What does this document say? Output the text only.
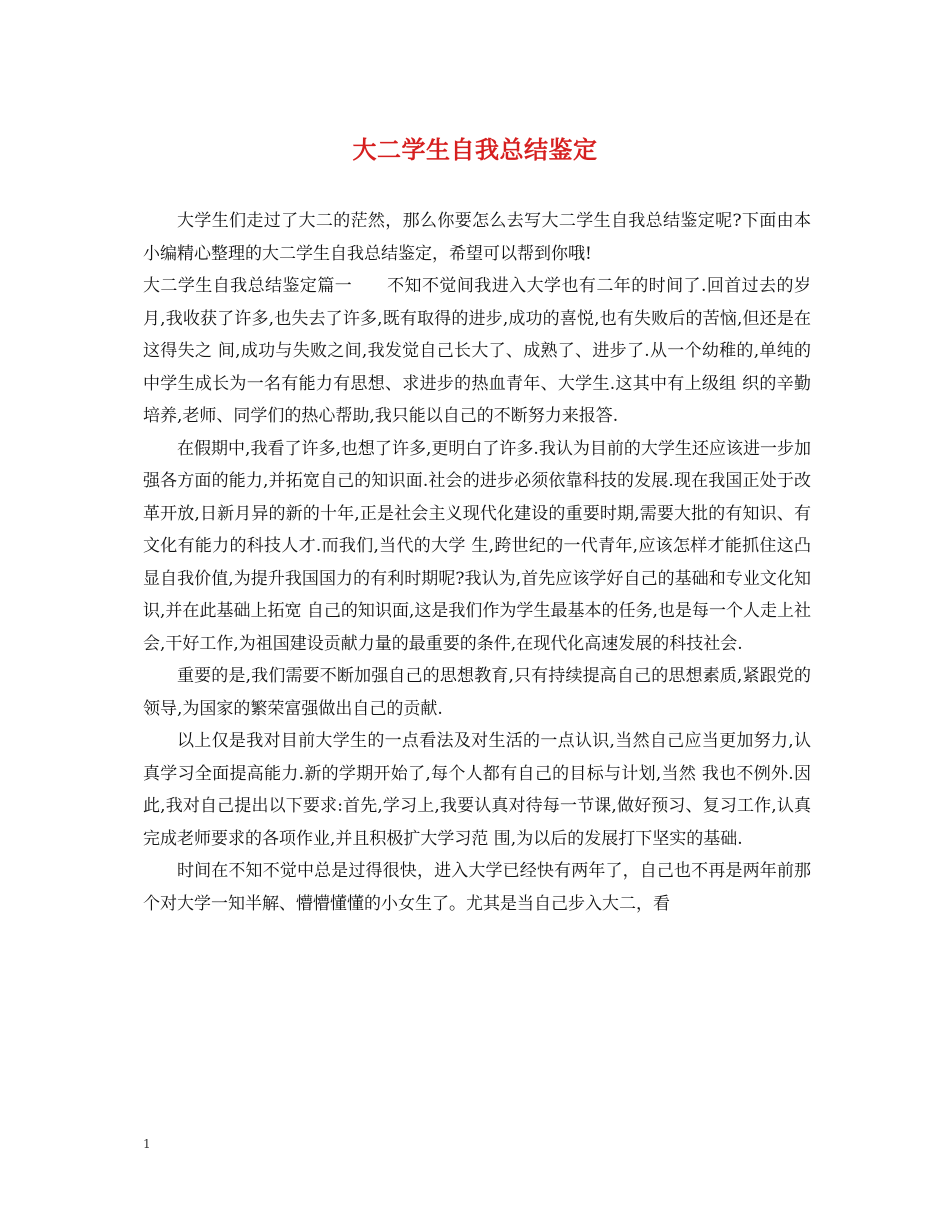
大二学生自我总结鉴定

大学生们走过了大二的茫然，那么你要怎么去写大二学生自我总结鉴定呢?下面由本小编精心整理的大二学生自我总结鉴定，希望可以帮到你哦!

大二学生自我总结鉴定篇一　　不知不觉间我进入大学也有二年的时间了.回首过去的岁月,我收获了许多,也失去了许多,既有取得的进步,成功的喜悦,也有失败后的苦恼,但还是在这得失之 间,成功与失败之间,我发觉自己长大了、成熟了、进步了.从一个幼稚的,单纯的中学生成长为一名有能力有思想、求进步的热血青年、大学生.这其中有上级组 织的辛勤培养,老师、同学们的热心帮助,我只能以自己的不断努力来报答.

在假期中,我看了许多,也想了许多,更明白了许多.我认为目前的大学生还应该进一步加强各方面的能力,并拓宽自己的知识面.社会的进步必须依靠科技的发展.现在我国正处于改革开放,日新月异的新的十年,正是社会主义现代化建设的重要时期,需要大批的有知识、有文化有能力的科技人才.而我们,当代的大学 生,跨世纪的一代青年,应该怎样才能抓住这凸显自我价值,为提升我国国力的有利时期呢?我认为,首先应该学好自己的基础和专业文化知识,并在此基础上拓宽 自己的知识面,这是我们作为学生最基本的任务,也是每一个人走上社会,干好工作,为祖国建设贡献力量的最重要的条件,在现代化高速发展的科技社会.

重要的是,我们需要不断加强自己的思想教育,只有持续提高自己的思想素质,紧跟党的领导,为国家的繁荣富强做出自己的贡献.

以上仅是我对目前大学生的一点看法及对生活的一点认识,当然自己应当更加努力,认真学习全面提高能力.新的学期开始了,每个人都有自己的目标与计划,当然 我也不例外.因此,我对自己提出以下要求:首先,学习上,我要认真对待每一节课,做好预习、复习工作,认真完成老师要求的各项作业,并且积极扩大学习范 围,为以后的发展打下坚实的基础.

时间在不知不觉中总是过得很快，进入大学已经快有两年了，自己也不再是两年前那个对大学一知半解、懵懵懂懂的小女生了。尤其是当自己步入大二，看

1
